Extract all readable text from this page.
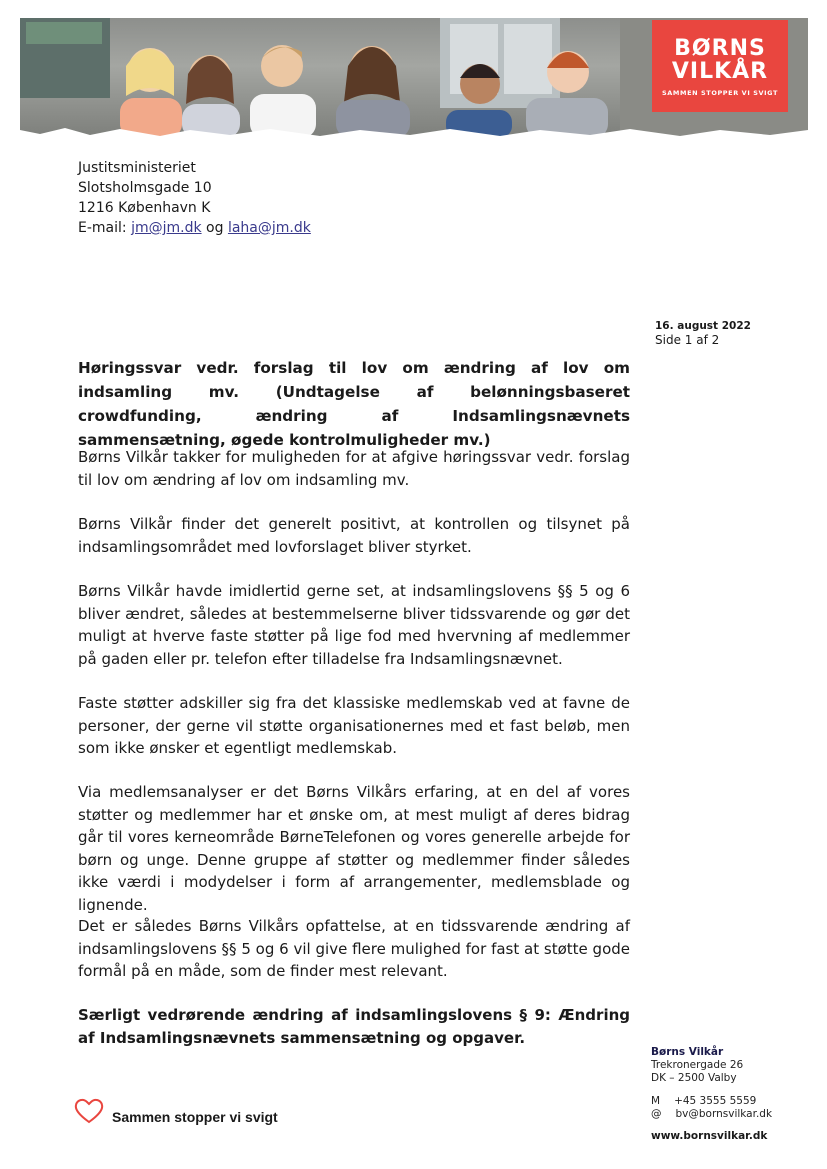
BØRNS
VILKÅR
SAMMEN STOPPER VI SVIGT
Justitsministeriet
Slotsholmsgade 10
1216 København K
E-mail: jm@jm.dk og laha@jm.dk
16. august 2022
Side 1 af 2
Høringssvar vedr. forslag til lov om ændring af lov om indsamling mv. (Undtagelse af belønningsbaseret crowdfunding, ændring af Indsamlingsnævnets sammensætning, øgede kontrolmuligheder mv.)
Børns Vilkår takker for muligheden for at afgive høringssvar vedr. forslag til lov om ændring af lov om indsamling mv.
Børns Vilkår finder det generelt positivt, at kontrollen og tilsynet på indsamlingsområdet med lovforslaget bliver styrket.
Børns Vilkår havde imidlertid gerne set, at indsamlingslovens §§ 5 og 6 bliver ændret, således at bestemmelserne bliver tidssvarende og gør det muligt at hverve faste støtter på lige fod med hvervning af medlemmer på gaden eller pr. telefon efter tilladelse fra Indsamlingsnævnet.
Faste støtter adskiller sig fra det klassiske medlemskab ved at favne de personer, der gerne vil støtte organisationernes med et fast beløb, men som ikke ønsker et egentligt medlemskab.
Via medlemsanalyser er det Børns Vilkårs erfaring, at en del af vores støtter og medlemmer har et ønske om, at mest muligt af deres bidrag går til vores kerneområde BørneTelefonen og vores generelle arbejde for børn og unge. Denne gruppe af støtter og medlemmer finder således ikke værdi i modydelser i form af arrangementer, medlemsblade og lignende.
Det er således Børns Vilkårs opfattelse, at en tidssvarende ændring af indsamlingslovens §§ 5 og 6 vil give flere mulighed for fast at støtte gode formål på en måde, som de finder mest relevant.
Særligt vedrørende ændring af indsamlingslovens § 9: Ændring af Indsamlingsnævnets sammensætning og opgaver.
Børns Vilkår
Trekronergade 26
DK – 2500 Valby
M +45 3555 5559
@ bv@bornsvilkar.dk
www.bornsvilkar.dk
Sammen stopper vi svigt
